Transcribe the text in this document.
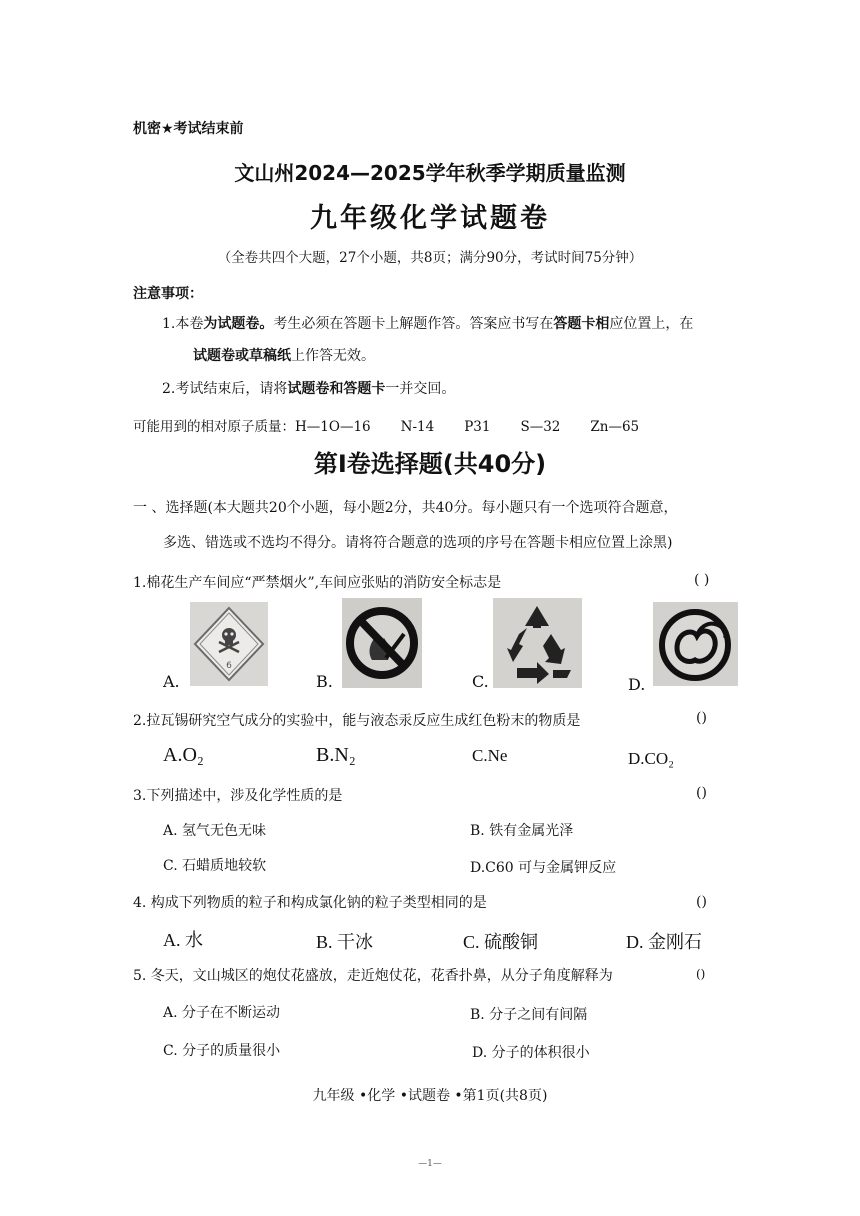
机密★考试结束前
文山州2024—2025学年秋季学期质量监测
九年级化学试题卷
（全卷共四个大题，27个小题，共8页；满分90分，考试时间75分钟）
注意事项：
1.本卷为试题卷。考生必须在答题卡上解题作答。答案应书写在答题卡相应位置上，在
试题卷或草稿纸上作答无效。
2.考试结束后，请将试题卷和答题卡一并交回。
可能用到的相对原子质量：H—1O—16 N-14 P31 S—32 Zn—65
第Ⅰ卷选择题(共40分)
一 、选择题(本大题共20个小题，每小题2分，共40分。每小题只有一个选项符合题意，
多选、错选或不选均不得分。请将符合题意的选项的序号在答题卡相应位置上涂黑)
1.棉花生产车间应“严禁烟火”,车间应张贴的消防安全标志是	( )
A.
6
B.	C.	D.
2.拉瓦锡研究空气成分的实验中，能与液态汞反应生成红色粉末的物质是	()
A.O₂	B.N₂	C.Ne	D.CO₂
3.下列描述中，涉及化学性质的是	()
A. 氢气无色无味	B. 铁有金属光泽
C. 石蜡质地较软	D.C60 可与金属钾反应
4. 构成下列物质的粒子和构成氯化钠的粒子类型相同的是	()
A. 水	B. 干冰	C. 硫酸铜	D. 金刚石
5. 冬天，文山城区的炮仗花盛放，走近炮仗花，花香扑鼻，从分子角度解释为	()
A. 分子在不断运动	B. 分子之间有间隔
C. 分子的质量很小	D. 分子的体积很小
九年级 •化学 •试题卷 •第1页(共8页)
—1—
